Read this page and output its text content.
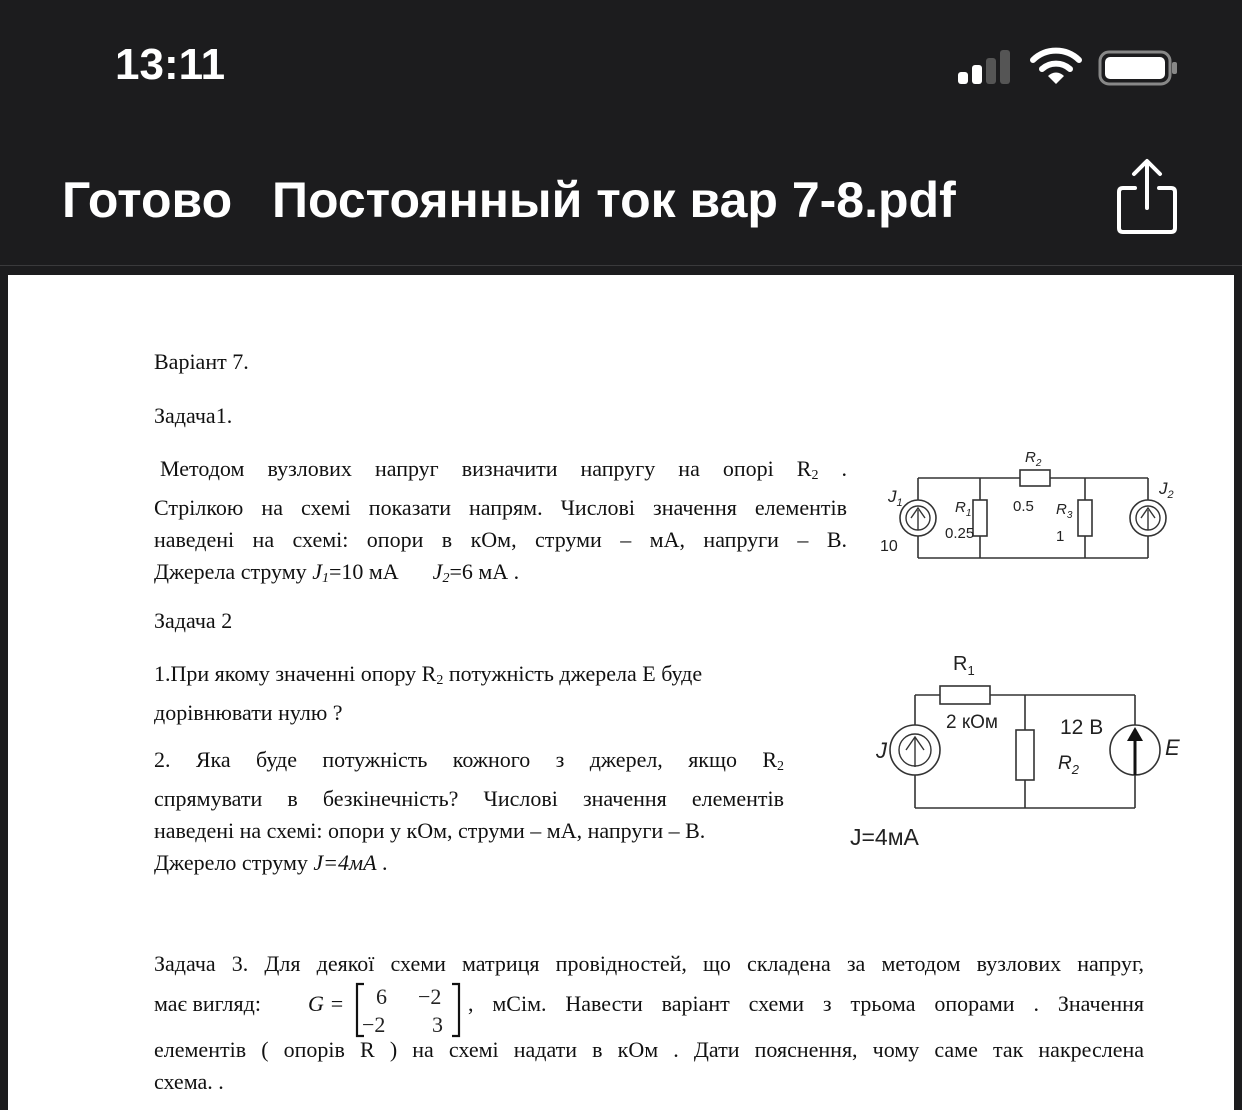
13:11
Готово Постоянный ток вар 7-8.pdf
Варіант 7.
Задача1.
Методом вузлових напруг визначити напругу на опорі $R_2$ .
Стрілкою на схемі показати напрям. Числові значення елементів
наведені на схемі: опори в кОм, струми – мА, напруги – В.
Джерела струму $J_1=10$ мА $J_2=6$ мА .
Задача 2
1.При якому значенні опору $R_2$ потужність джерела E буде
дорівнювати нулю ?
2. Яка буде потужність кожного з джерел, якщо $R_2$
спрямувати в безкінечність? Числові значення елементів
наведені на схемі: опори у кОм, струми – мА, напруги – В.
Джерело струму J=4мА .
Задача 3. Для деякої схеми матриця провідностей, що складена за методом вузлових напруг,
має вигляд: G = 6 −2
−2 3
, мСім. Навести варіант схеми з трьома опорами . Значення
елементів ( опорів R ) на схемі надати в кОм . Дати пояснення, чому саме так накреслена
схема. .
$J_1$
10
$R_1$
0.25
$R_2$
0.5 $R_3$
1
$J_2$
$R_1$
2 кОм	12 В
$R_2$
J	E
J=4мА
